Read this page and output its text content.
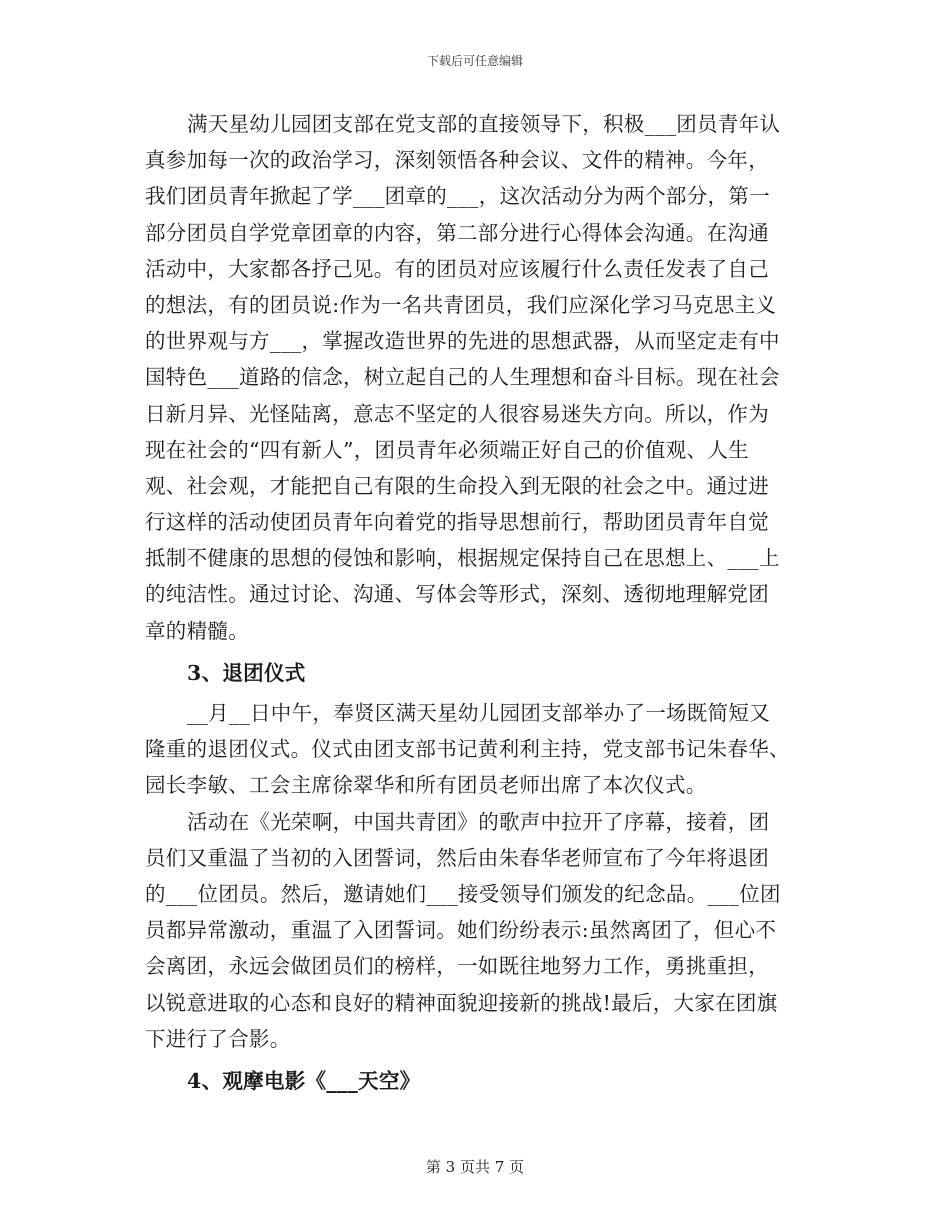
下载后可任意编辑
满天星幼儿园团支部在党支部的直接领导下，积极___团员青年认
真参加每一次的政治学习，深刻领悟各种会议、文件的精神。今年，
我们团员青年掀起了学___团章的___，这次活动分为两个部分，第一
部分团员自学党章团章的内容，第二部分进行心得体会沟通。在沟通
活动中，大家都各抒己见。有的团员对应该履行什么责任发表了自己
的想法，有的团员说:作为一名共青团员，我们应深化学习马克思主义
的世界观与方___，掌握改造世界的先进的思想武器，从而坚定走有中
国特色___道路的信念，树立起自己的人生理想和奋斗目标。现在社会
日新月异、光怪陆离，意志不坚定的人很容易迷失方向。所以，作为
现在社会的“四有新人”，团员青年必须端正好自己的价值观、人生
观、社会观，才能把自己有限的生命投入到无限的社会之中。通过进
行这样的活动使团员青年向着党的指导思想前行，帮助团员青年自觉
抵制不健康的思想的侵蚀和影响，根据规定保持自己在思想上、___上
的纯洁性。通过讨论、沟通、写体会等形式，深刻、透彻地理解党团
章的精髓。
3、退团仪式
__月__日中午，奉贤区满天星幼儿园团支部举办了一场既简短又
隆重的退团仪式。仪式由团支部书记黄利利主持，党支部书记朱春华、
园长李敏、工会主席徐翠华和所有团员老师出席了本次仪式。
活动在《光荣啊，中国共青团》的歌声中拉开了序幕，接着，团
员们又重温了当初的入团誓词，然后由朱春华老师宣布了今年将退团
的___位团员。然后，邀请她们___接受领导们颁发的纪念品。___位团
员都异常激动，重温了入团誓词。她们纷纷表示:虽然离团了，但心不
会离团，永远会做团员们的榜样，一如既往地努力工作，勇挑重担，
以锐意进取的心态和良好的精神面貌迎接新的挑战!最后，大家在团旗
下进行了合影。
4、观摩电影《___天空》
第 3 页共 7 页
